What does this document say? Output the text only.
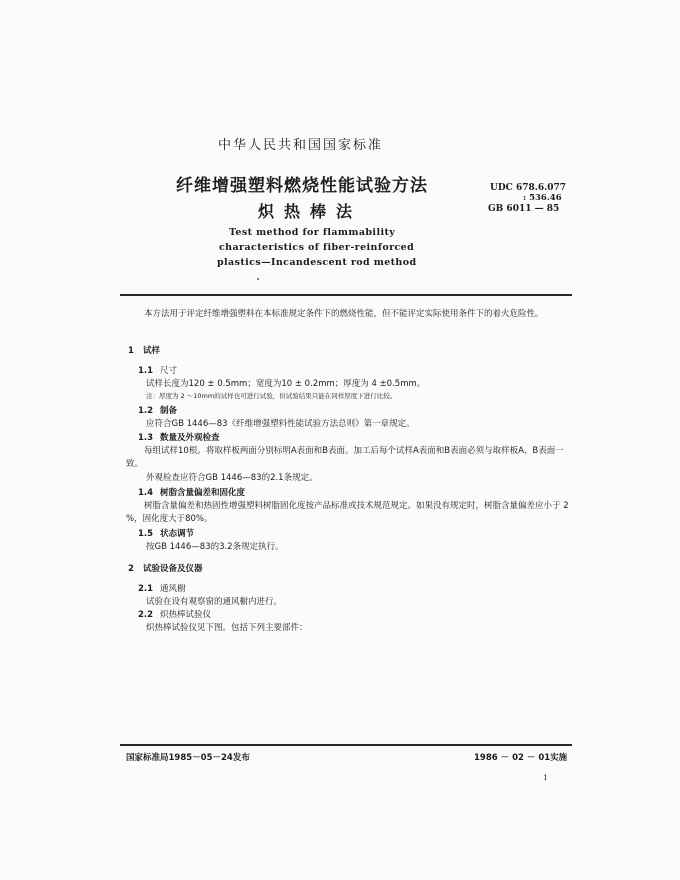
中华人民共和国国家标准
纤维增强塑料燃烧性能试验方法
炽热棒法
Test method for flammability
characteristics of fiber-reinforced
plastics—Incandescent rod method
UDC 678.6.077
: 536.46
GB 6011 — 85
本方法用于评定纤维增强塑料在本标准规定条件下的燃烧性能，但不能评定实际使用条件下的着火危险性。
1 试样
1.1 尺寸
试样长度为120 ± 0.5mm；宽度为10 ± 0.2mm；厚度为 4 ±0.5mm。
注：厚度为 2 ～10mm的试样也可进行试验，但试验结果只能在同样厚度下进行比较。
1.2 制备
应符合GB 1446—83《纤维增强塑料性能试验方法总则》第一章规定。
1.3 数量及外观检查
每组试样10根。将取样板两面分别标明A表面和B表面。加工后每个试样A表面和B表面必须与取样板A、B表面一致。
外观检查应符合GB 1446—83的2.1条规定。
1.4 树脂含量偏差和固化度
树脂含量偏差和热固性增强塑料树脂固化度按产品标准或技术规范规定。如果没有规定时，树脂含量偏差应小于 2 %，固化度大于80%。
1.5 状态调节
按GB 1446—83的3.2条规定执行。
2 试验设备及仪器
2.1 通风橱
试验在设有观察窗的通风橱内进行。
2.2 炽热棒试验仪
炽热棒试验仪见下图。包括下列主要部件：
国家标准局1985－05－24发布	1986 － 02 － 01实施
1
